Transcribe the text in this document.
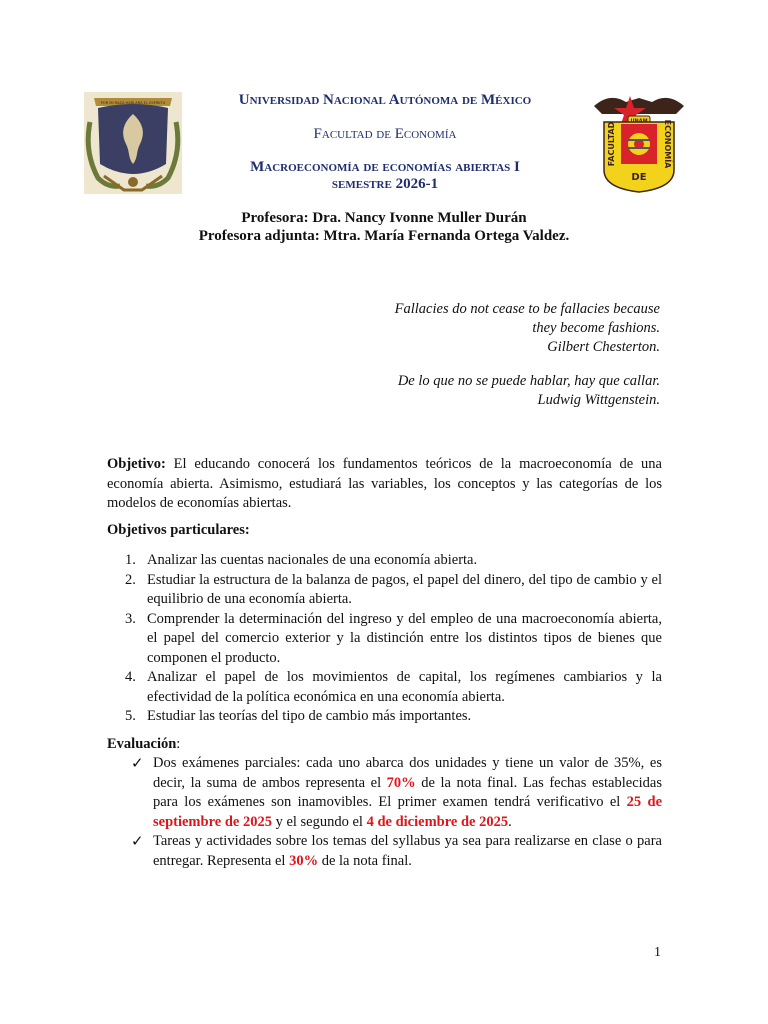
POR MI RAZA HABLARÁ EL ESPÍRITU
FACULTAD	ECONOMÍA
DE
Universidad Nacional Autónoma de México
Facultad de Economía
Macroeconomía de economías abiertas I
semestre 2026-1
Profesora: Dra. Nancy Ivonne Muller Durán
Profesora adjunta: Mtra. María Fernanda Ortega Valdez.
Fallacies do not cease to be fallacies because
they become fashions.
Gilbert Chesterton.
De lo que no se puede hablar, hay que callar.
Ludwig Wittgenstein.
Objetivo: El educando conocerá los fundamentos teóricos de la macroeconomía de una economía abierta. Asimismo, estudiará las variables, los conceptos y las categorías de los modelos de economías abiertas.
Objetivos particulares:
1. Analizar las cuentas nacionales de una economía abierta.
2. Estudiar la estructura de la balanza de pagos, el papel del dinero, del tipo de cambio y el equilibrio de una economía abierta.
3. Comprender la determinación del ingreso y del empleo de una macroeconomía abierta, el papel del comercio exterior y la distinción entre los distintos tipos de bienes que componen el producto.
4. Analizar el papel de los movimientos de capital, los regímenes cambiarios y la efectividad de la política económica en una economía abierta.
5. Estudiar las teorías del tipo de cambio más importantes.
Evaluación:
✓ Dos exámenes parciales: cada uno abarca dos unidades y tiene un valor de 35%, es decir, la suma de ambos representa el 70% de la nota final. Las fechas establecidas para los exámenes son inamovibles. El primer examen tendrá verificativo el 25 de septiembre de 2025 y el segundo el 4 de diciembre de 2025.
✓ Tareas y actividades sobre los temas del syllabus ya sea para realizarse en clase o para entregar. Representa el 30% de la nota final.
1
